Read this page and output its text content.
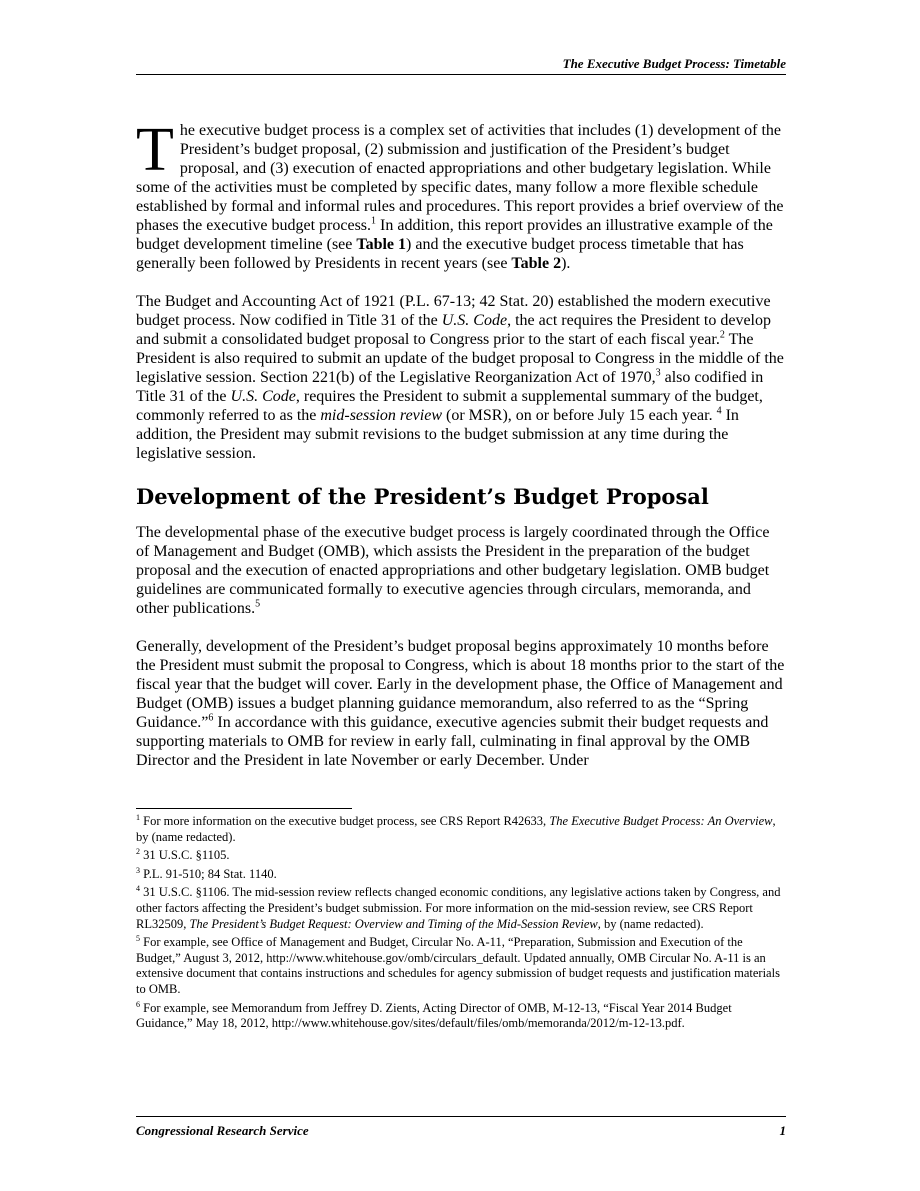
The Executive Budget Process: Timetable

The executive budget process is a complex set of activities that includes (1) development of the President’s budget proposal, (2) submission and justification of the President’s budget proposal, and (3) execution of enacted appropriations and other budgetary legislation. While some of the activities must be completed by specific dates, many follow a more flexible schedule established by formal and informal rules and procedures. This report provides a brief overview of the phases the executive budget process.$^1$ In addition, this report provides an illustrative example of the budget development timeline (see Table 1) and the executive budget process timetable that has generally been followed by Presidents in recent years (see Table 2).

The Budget and Accounting Act of 1921 (P.L. 67-13; 42 Stat. 20) established the modern executive budget process. Now codified in Title 31 of the U.S. Code, the act requires the President to develop and submit a consolidated budget proposal to Congress prior to the start of each fiscal year.$^2$ The President is also required to submit an update of the budget proposal to Congress in the middle of the legislative session. Section 221(b) of the Legislative Reorganization Act of 1970,$^3$ also codified in Title 31 of the U.S. Code, requires the President to submit a supplemental summary of the budget, commonly referred to as the mid-session review (or MSR), on or before July 15 each year. $^4$ In addition, the President may submit revisions to the budget submission at any time during the legislative session.

Development of the President’s Budget Proposal

The developmental phase of the executive budget process is largely coordinated through the Office of Management and Budget (OMB), which assists the President in the preparation of the budget proposal and the execution of enacted appropriations and other budgetary legislation. OMB budget guidelines are communicated formally to executive agencies through circulars, memoranda, and other publications.$^5$

Generally, development of the President’s budget proposal begins approximately 10 months before the President must submit the proposal to Congress, which is about 18 months prior to the start of the fiscal year that the budget will cover. Early in the development phase, the Office of Management and Budget (OMB) issues a budget planning guidance memorandum, also referred to as the “Spring Guidance.”$^6$ In accordance with this guidance, executive agencies submit their budget requests and supporting materials to OMB for review in early fall, culminating in final approval by the OMB Director and the President in late November or early December. Under

$^1$ For more information on the executive budget process, see CRS Report R42633, The Executive Budget Process: An Overview, by (name redacted).
$^2$ 31 U.S.C. §1105.
$^3$ P.L. 91-510; 84 Stat. 1140.
$^4$ 31 U.S.C. §1106. The mid-session review reflects changed economic conditions, any legislative actions taken by Congress, and other factors affecting the President’s budget submission. For more information on the mid-session review, see CRS Report RL32509, The President’s Budget Request: Overview and Timing of the Mid-Session Review, by (name redacted).
$^5$ For example, see Office of Management and Budget, Circular No. A-11, “Preparation, Submission and Execution of the Budget,” August 3, 2012, http://www.whitehouse.gov/omb/circulars_default. Updated annually, OMB Circular No. A-11 is an extensive document that contains instructions and schedules for agency submission of budget requests and justification materials to OMB.
$^6$ For example, see Memorandum from Jeffrey D. Zients, Acting Director of OMB, M-12-13, “Fiscal Year 2014 Budget Guidance,” May 18, 2012, http://www.whitehouse.gov/sites/default/files/omb/memoranda/2012/m-12-13.pdf.
Congressional Research Service	1
